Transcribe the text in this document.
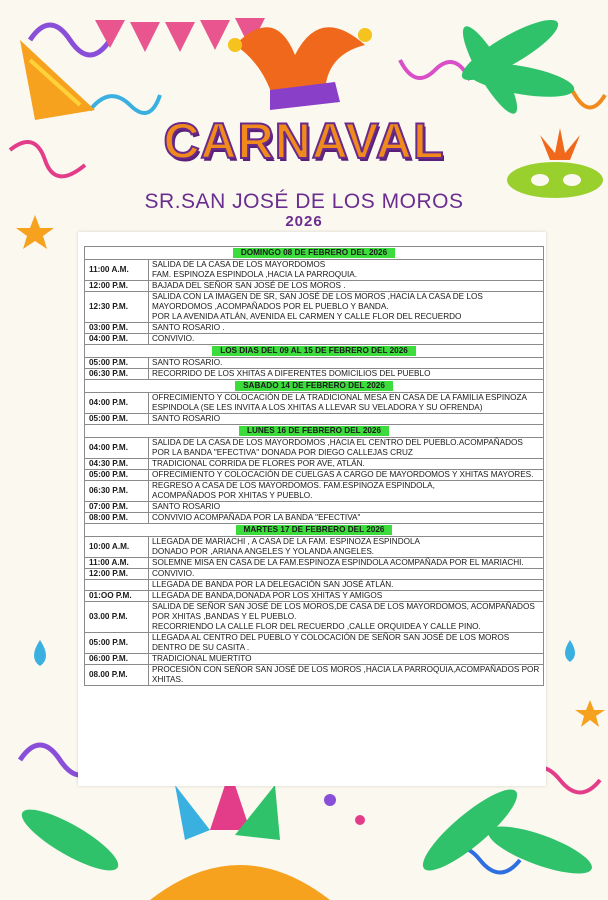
CARNAVAL
SR.SAN JOSÉ DE LOS MOROS
2026
DOMINGO 08 DE FEBRERO DEL 2026	
11:00 A.M.	SALIDA DE LA CASA DE LOS MAYORDOMOS
FAM. ESPINOZA ESPINDOLA ,HACIA LA PARROQUIA.
12:00 P.M.	BAJADA DEL SEÑOR SAN JOSÉ DE LOS MOROS .
12:30 P.M.	SALIDA CON LA IMAGEN DE SR, SAN JOSÉ DE LOS MOROS ,HACIA LA CASA DE LOS MAYORDOMOS ,ACOMPAÑADOS POR EL PUEBLO Y BANDA.
POR LA AVENIDA ATLÁN, AVENIDA EL CARMEN Y CALLE FLOR DEL RECUERDO
03:00 P.M.	SANTO ROSARIO .
04:00 P.M.	CONVIVIO.
LOS DIAS DEL 09 AL 15 DE FEBRERO DEL 2026	
05:00 P.M.	SANTO ROSARIO.
06:30 P.M.	RECORRIDO DE LOS XHITAS A DIFERENTES DOMICILIOS DEL PUEBLO
SABADO 14 DE FEBRERO DEL 2026	
04:00 P.M.	OFRECIMIENTO Y COLOCACIÓN DE LA TRADICIONAL MESA EN CASA DE LA FAMILIA ESPINOZA ESPINDOLA (SE LES INVITA A LOS XHITAS A LLEVAR SU VELADORA Y SU OFRENDA)
05:00 P.M.	SANTO ROSARIO
LUNES 16 DE FEBRERO DEL 2026	
04:00 P.M.	SALIDA DE LA CASA DE LOS MAYORDOMOS ,HACIA EL CENTRO DEL PUEBLO.ACOMPAÑADOS POR LA BANDA "EFECTIVA" DONADA POR DIEGO CALLEJAS CRUZ
04:30 P.M.	TRADICIONAL CORRIDA DE FLORES POR AVE, ATLÁN.
05:00 P.M.	OFRECIMIENTO Y COLOCACIÓN DE CUELGAS A CARGO DE MAYORDOMOS Y XHITAS MAYORES.
06:30 P.M.	REGRESO A CASA DE LOS MAYORDOMOS. FAM.ESPINOZA ESPINDOLA,
ACOMPAÑADOS POR XHITAS Y PUEBLO.
07:00 P.M.	SANTO ROSARIO
08:00 P.M.	CONVIVIO ACOMPAÑADA POR LA BANDA "EFECTIVA"
MARTES 17 DE FEBRERO DEL 2026	
10:00 A.M.	LLEGADA DE MARIACHI , A CASA DE LA FAM. ESPINOZA ESPINDOLA
DONADO POR ,ARIANA ANGELES Y YOLANDA ANGELES.
11:00 A.M.	SOLEMNE MISA EN CASA DE LA FAM.ESPINOZA ESPINDOLA ACOMPAÑADA POR EL MARIACHI.
12:00 P.M.	CONVIVIO.
	LLEGADA DE BANDA POR LA DELEGACIÓN SAN JOSÉ ATLÁN.
01:OO P.M.	LLEGADA DE BANDA,DONADA POR LOS XHITAS Y AMIGOS
03.00 P.M.	SALIDA DE SEÑOR SAN JOSÉ DE LOS MOROS,DE CASA DE LOS MAYORDOMOS, ACOMPAÑADOS POR XHITAS ,BANDAS Y EL PUEBLO.
RECORRIENDO LA CALLE FLOR DEL RECUERDO ,CALLE ORQUIDEA Y CALLE PINO.
05:00 P.M.	LLEGADA AL CENTRO DEL PUEBLO Y COLOCACIÓN DE SEÑOR SAN JOSÉ DE LOS MOROS DENTRO DE SU CASITA .
06:00 P.M.	TRADICIONAL MUERTITO
08.00 P.M.	PROCESIÓN CON SEÑOR SAN JOSÉ DE LOS MOROS ,HACIA LA PARROQUIA,ACOMPAÑADOS POR XHITAS.
